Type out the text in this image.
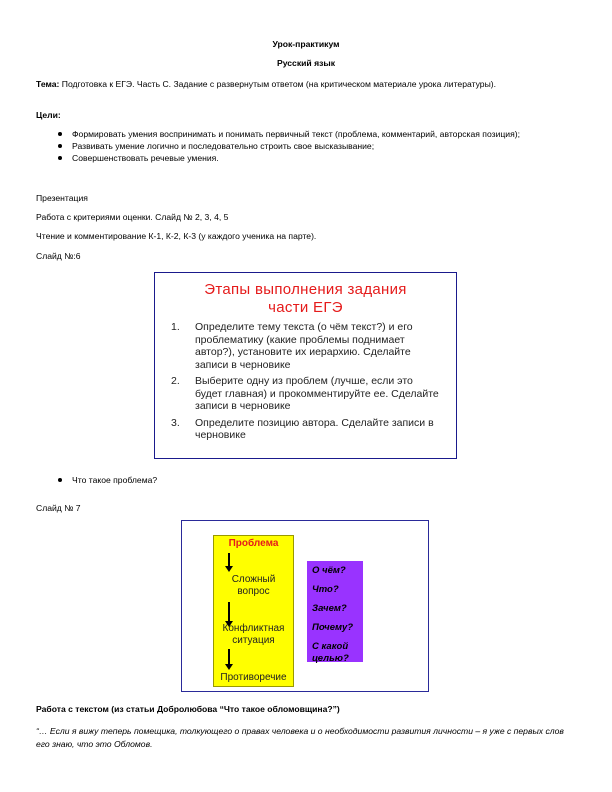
Урок-практикум
Русский язык
Тема: Подготовка к ЕГЭ. Часть С. Задание с развернутым ответом (на критическом материале урока литературы).
Цели:
Формировать умения воспринимать и понимать первичный текст (проблема, комментарий, авторская позиция);
Развивать умение логично и последовательно строить свое высказывание;
Совершенствовать речевые умения.
Презентация
Работа с критериями оценки. Слайд № 2, 3, 4, 5
Чтение и комментирование К-1, К-2, К-3 (у каждого ученика на парте).
Слайд №:6
Этапы выполнения задания
части ЕГЭ
1. Определите тему текста (о чём текст?) и его проблематику (какие проблемы поднимает автор?), установите их иерархию. Сделайте записи в черновике
2. Выберите одну из проблем (лучше, если это будет главная) и прокомментируйте ее. Сделайте записи в черновике
3. Определите позицию автора. Сделайте записи в черновике
Что такое проблема?
Слайд № 7
Проблема
Сложный
вопрос
Конфликтная
ситуация
Противоречие
О чём?
Что?
Зачем?
Почему?
С какой
целью?
Работа с текстом (из статьи Добролюбова “Что такое обломовщина?”)
“… Если я вижу теперь помещика, толкующего о правах человека и о необходимости развития личности – я уже с первых слов его знаю, что это Обломов.
